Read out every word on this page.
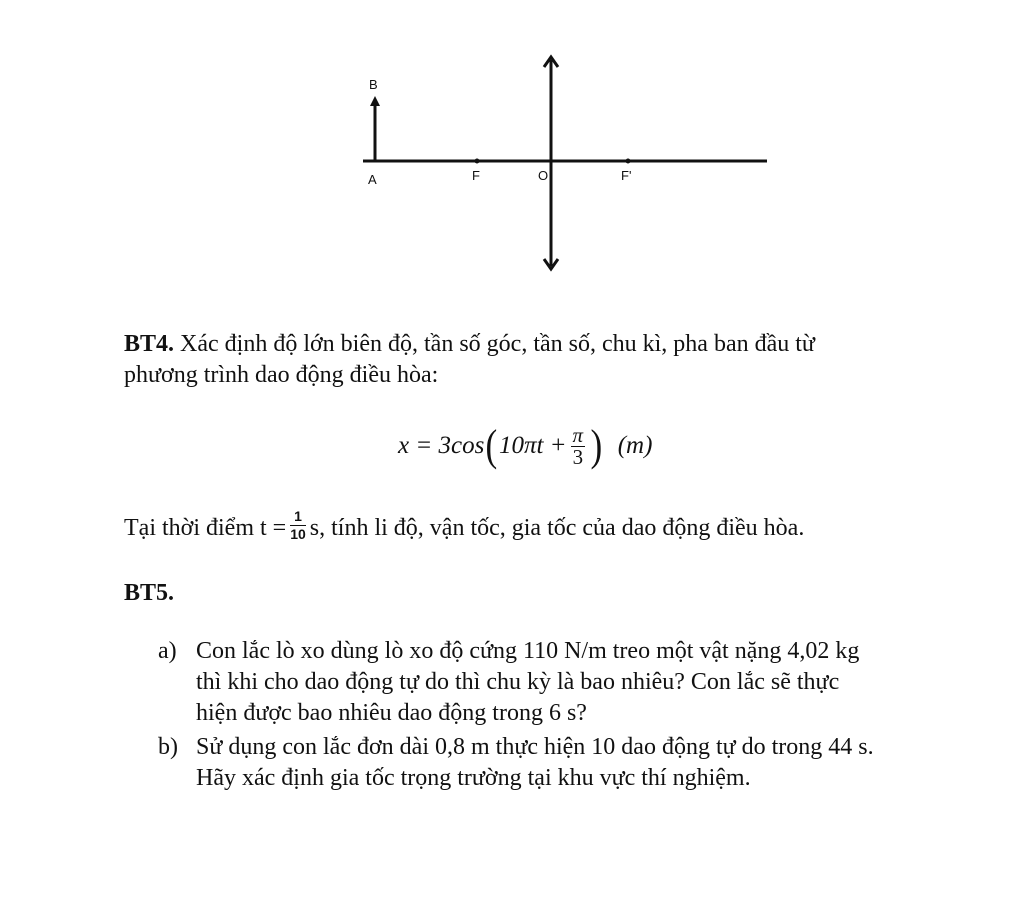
B
A	F	O	F'
BT4. Xác định độ lớn biên độ, tần số góc, tần số, chu kì, pha ban đầu từ
phương trình dao động điều hòa:
x = 3cos ( $10\pi t + \frac{\pi}{3}$ ) (m)
Tại thời điểm $t = \frac{1}{10} s$, tính li độ, vận tốc, gia tốc của dao động điều hòa.
BT5.
a) Con lắc lò xo dùng lò xo độ cứng 110 N/m treo một vật nặng 4,02 kg
thì khi cho dao động tự do thì chu kỳ là bao nhiêu? Con lắc sẽ thực
hiện được bao nhiêu dao động trong 6 s?
b) Sử dụng con lắc đơn dài 0,8 m thực hiện 10 dao động tự do trong 44 s.
Hãy xác định gia tốc trọng trường tại khu vực thí nghiệm.
